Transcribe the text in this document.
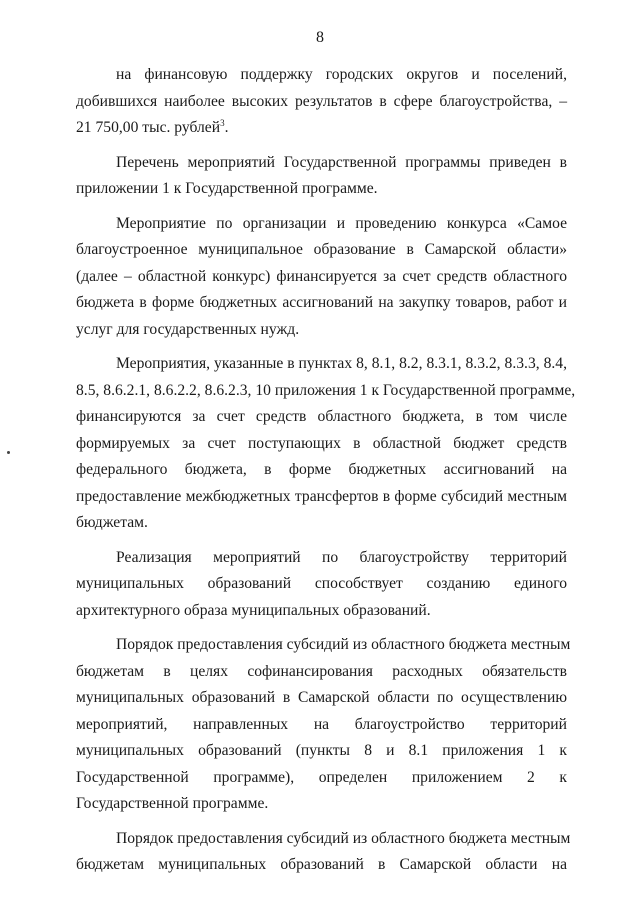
8
на финансовую поддержку городских округов и поселений,
добившихся наиболее высоких результатов в сфере благоустройства, –
21 750,00 тыс. рублей$^3$.
Перечень мероприятий Государственной программы приведен в
приложении 1 к Государственной программе.
Мероприятие по организации и проведению конкурса «Самое
благоустроенное муниципальное образование в Самарской области»
(далее – областной конкурс) финансируется за счет средств областного
бюджета в форме бюджетных ассигнований на закупку товаров, работ и
услуг для государственных нужд.
Мероприятия, указанные в пунктах 8, 8.1, 8.2, 8.3.1, 8.3.2, 8.3.3, 8.4,
8.5, 8.6.2.1, 8.6.2.2, 8.6.2.3, 10 приложения 1 к Государственной программе,
финансируются за счет средств областного бюджета, в том числе
формируемых за счет поступающих в областной бюджет средств
федерального бюджета, в форме бюджетных ассигнований на
предоставление межбюджетных трансфертов в форме субсидий местным
бюджетам.
Реализация мероприятий по благоустройству территорий
муниципальных образований способствует созданию единого
архитектурного образа муниципальных образований.
Порядок предоставления субсидий из областного бюджета местным
бюджетам в целях софинансирования расходных обязательств
муниципальных образований в Самарской области по осуществлению
мероприятий, направленных на благоустройство территорий
муниципальных образований (пункты 8 и 8.1 приложения 1 к
Государственной программе), определен приложением 2 к
Государственной программе.
Порядок предоставления субсидий из областного бюджета местным
бюджетам муниципальных образований в Самарской области на
